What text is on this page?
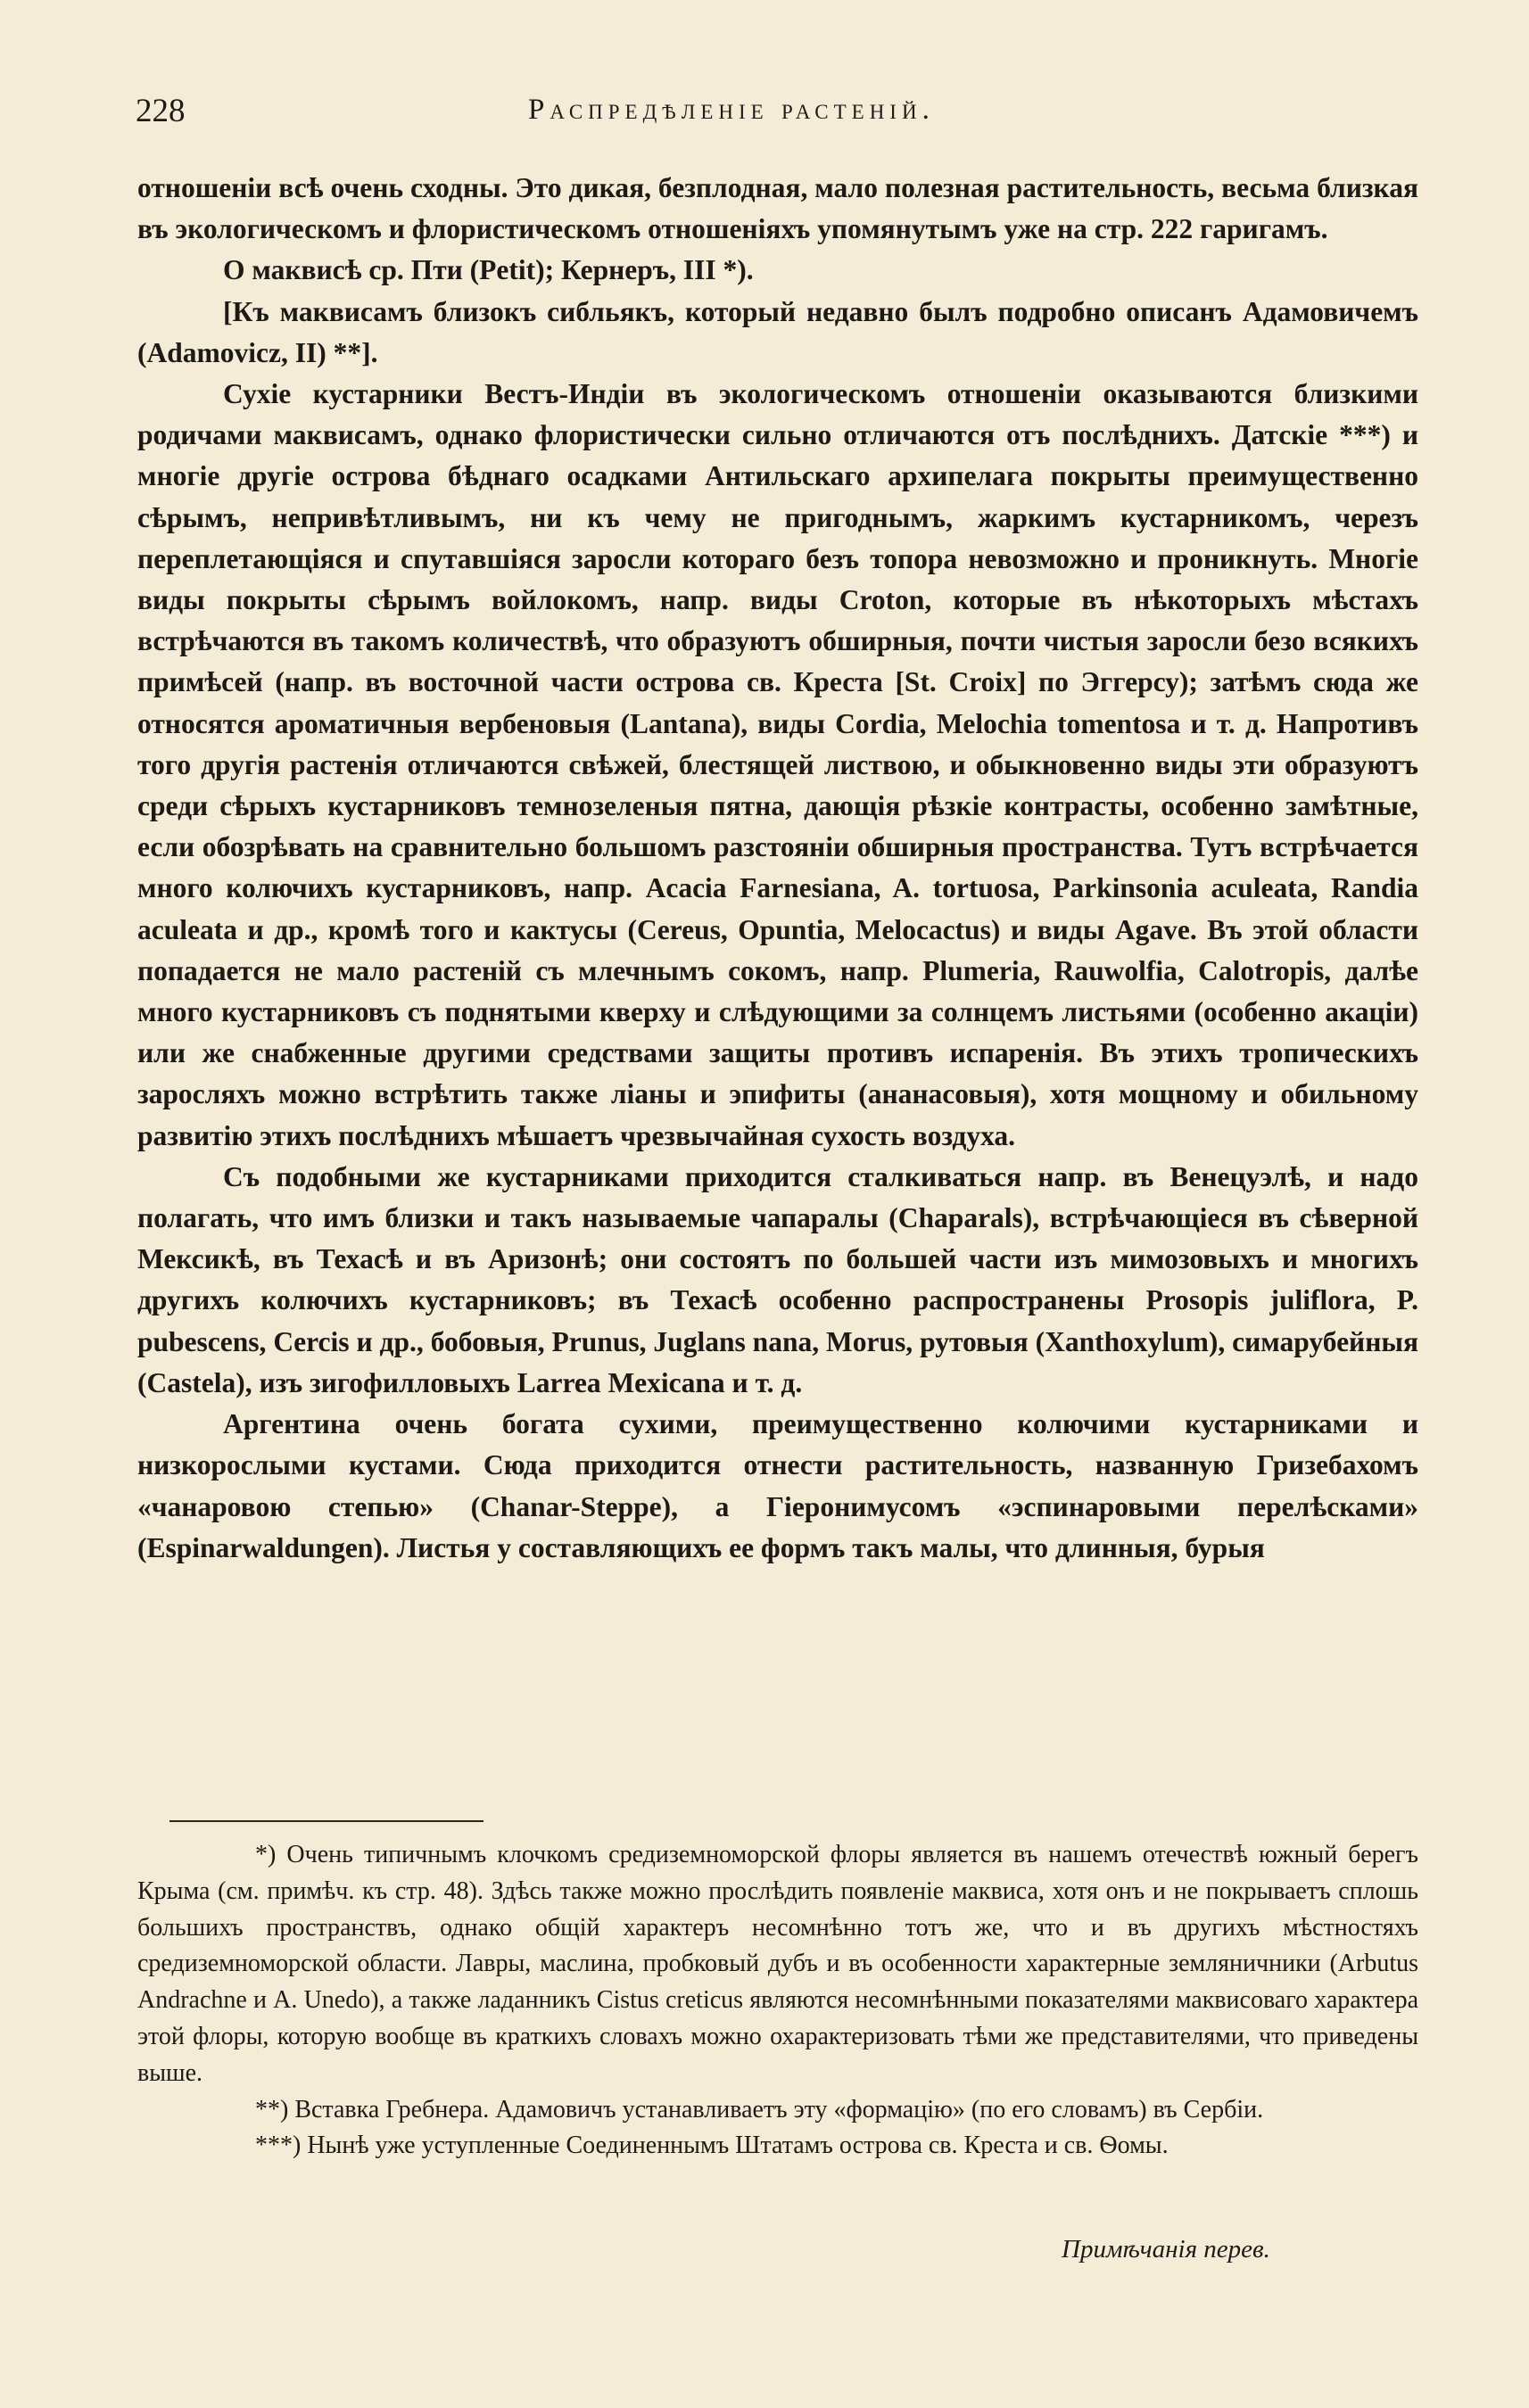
228	Распредѣленіе растеній.

отношеніи всѣ очень сходны. Это дикая, безплодная, мало полезная растительность, весьма близкая въ экологическомъ и флористическомъ отношеніяхъ упомянутымъ уже на стр. 222 гаригамъ.

О маквисѣ ср. Пти (Petit); Кернеръ, III *).

[Къ маквисамъ близокъ сибльякъ, который недавно былъ подробно описанъ Адамовичемъ (Adamovicz, II) **].

Сухіе кустарники Вестъ-Индіи въ экологическомъ отношеніи оказываются близкими родичами маквисамъ, однако флористически сильно отличаются отъ послѣднихъ. Датскіе ***) и многіе другіе острова бѣднаго осадками Антильскаго архипелага покрыты преимущественно сѣрымъ, непривѣтливымъ, ни къ чему не пригоднымъ, жаркимъ кустарникомъ, черезъ переплетающіяся и спутавшіяся заросли котораго безъ топора невозможно и проникнуть. Многіе виды покрыты сѣрымъ войлокомъ, напр. виды Croton, которые въ нѣкоторыхъ мѣстахъ встрѣчаются въ такомъ количествѣ, что образуютъ обширныя, почти чистыя заросли безо всякихъ примѣсей (напр. въ восточной части острова св. Креста [St. Croix] по Эггерсу); затѣмъ сюда же относятся ароматичныя вербеновыя (Lantana), виды Cordia, Melochia tomentosa и т. д. Напротивъ того другія растенія отличаются свѣжей, блестящей листвою, и обыкновенно виды эти образуютъ среди сѣрыхъ кустарниковъ темнозеленыя пятна, дающія рѣзкіе контрасты, особенно замѣтные, если обозрѣвать на сравнительно большомъ разстояніи обширныя пространства. Тутъ встрѣчается много колючихъ кустарниковъ, напр. Acacia Farnesiana, A. tortuosa, Parkinsonia aculeata, Randia aculeata и др., кромѣ того и кактусы (Cereus, Opuntia, Melocactus) и виды Agave. Въ этой области попадается не мало растеній съ млечнымъ сокомъ, напр. Plumeria, Rauwolfia, Calotropis, далѣе много кустарниковъ съ поднятыми кверху и слѣдующими за солнцемъ листьями (особенно акаціи) или же снабженные другими средствами защиты противъ испаренія. Въ этихъ тропическихъ заросляхъ можно встрѣтить также ліаны и эпифиты (ананасовыя), хотя мощному и обильному развитію этихъ послѣднихъ мѣшаетъ чрезвычайная сухость воздуха.

Съ подобными же кустарниками приходится сталкиваться напр. въ Венецуэлѣ, и надо полагать, что имъ близки и такъ называемые чапаралы (Chaparals), встрѣчающіеся въ сѣверной Мексикѣ, въ Техасѣ и въ Аризонѣ; они состоятъ по большей части изъ мимозовыхъ и многихъ другихъ колючихъ кустарниковъ; въ Техасѣ особенно распространены Prosopis juliflora, P. pubescens, Cercis и др., бобовыя, Prunus, Juglans nana, Morus, рутовыя (Xanthoxylum), симарубейныя (Castela), изъ зигофилловыхъ Larrea Mexicana и т. д.

Аргентина очень богата сухими, преимущественно колючими кустарниками и низкорослыми кустами. Сюда приходится отнести растительность, названную Гризебахомъ «чанаровою степью» (Chanar-Steppe), а Гіеронимусомъ «эспинаровыми перелѣсками» (Espinarwaldungen). Листья у составляющихъ ее формъ такъ малы, что длинныя, бурыя

*) Очень типичнымъ клочкомъ средиземноморской флоры является въ нашемъ отечествѣ южный берегъ Крыма (см. примѣч. къ стр. 48). Здѣсь также можно прослѣдить появленіе маквиса, хотя онъ и не покрываетъ сплошь большихъ пространствъ, однако общій характеръ несомнѣнно тотъ же, что и въ другихъ мѣстностяхъ средиземноморской области. Лавры, маслина, пробковый дубъ и въ особенности характерные земляничники (Arbutus Andrachne и A. Unedo), а также ладанникъ Cistus creticus являются несомнѣнными показателями маквисоваго характера этой флоры, которую вообще въ краткихъ словахъ можно охарактеризовать тѣми же представителями, что приведены выше.

**) Вставка Гребнера. Адамовичъ устанавливаетъ эту «формацію» (по его словамъ) въ Сербіи.

***) Нынѣ уже уступленные Соединеннымъ Штатамъ острова св. Креста и св. Ѳомы.

Примѣчанія перев.
